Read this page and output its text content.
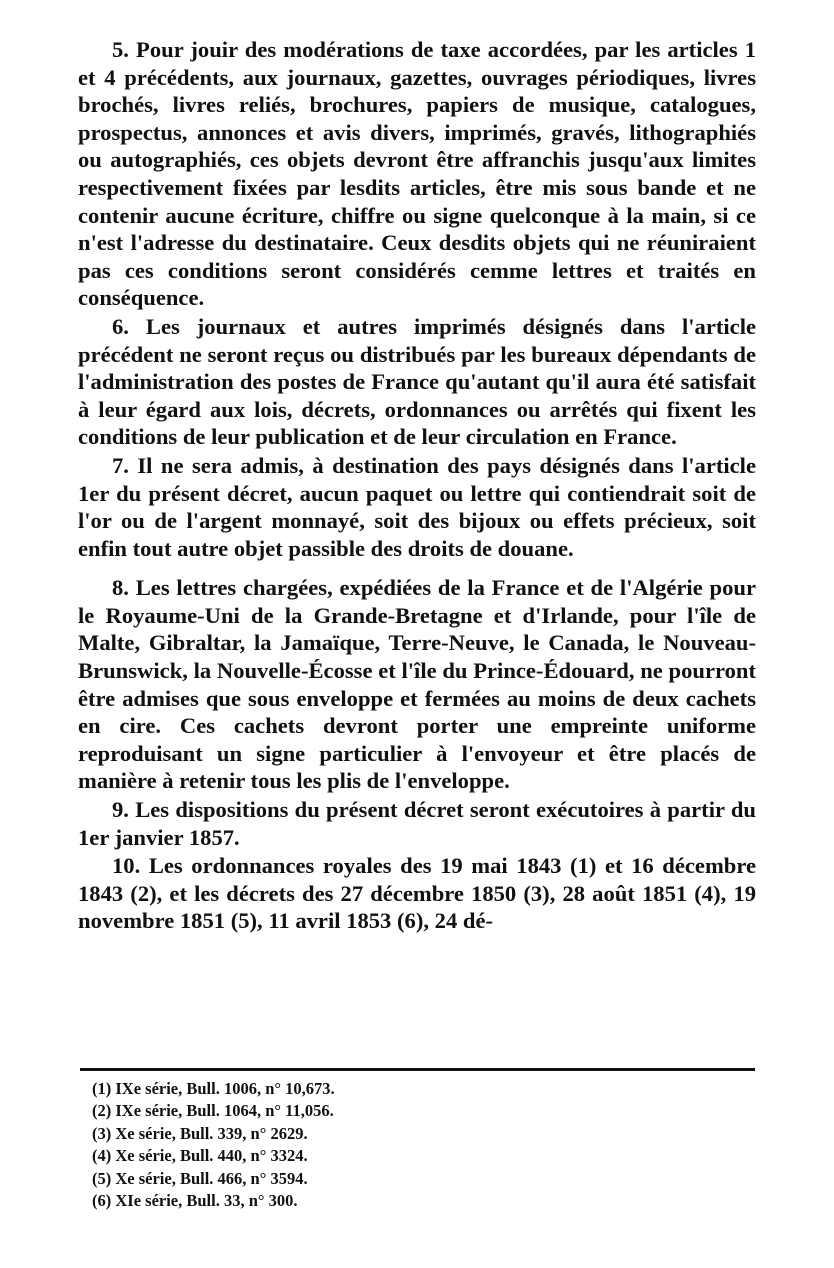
5. Pour jouir des modérations de taxe accordées, par les articles 1 et 4 précédents, aux journaux, gazettes, ouvrages périodiques, livres brochés, livres reliés, brochures, papiers de musique, catalogues, prospectus, annonces et avis divers, imprimés, gravés, lithographiés ou autographiés, ces objets devront être affranchis jusqu'aux limites respectivement fixées par lesdits articles, être mis sous bande et ne contenir aucune écriture, chiffre ou signe quelconque à la main, si ce n'est l'adresse du destinataire. Ceux desdits objets qui ne réuniraient pas ces conditions seront considérés cemme lettres et traités en conséquence.

6. Les journaux et autres imprimés désignés dans l'article précédent ne seront reçus ou distribués par les bureaux dépendants de l'administration des postes de France qu'autant qu'il aura été satisfait à leur égard aux lois, décrets, ordonnances ou arrêtés qui fixent les conditions de leur publication et de leur circulation en France.

7. Il ne sera admis, à destination des pays désignés dans l'article 1er du présent décret, aucun paquet ou lettre qui contiendrait soit de l'or ou de l'argent monnayé, soit des bijoux ou effets précieux, soit enfin tout autre objet passible des droits de douane.

8. Les lettres chargées, expédiées de la France et de l'Algérie pour le Royaume-Uni de la Grande-Bretagne et d'Irlande, pour l'île de Malte, Gibraltar, la Jamaïque, Terre-Neuve, le Canada, le Nouveau-Brunswick, la Nouvelle-Écosse et l'île du Prince-Édouard, ne pourront être admises que sous enveloppe et fermées au moins de deux cachets en cire. Ces cachets devront porter une empreinte uniforme reproduisant un signe particulier à l'envoyeur et être placés de manière à retenir tous les plis de l'enveloppe.

9. Les dispositions du présent décret seront exécutoires à partir du 1er janvier 1857.

10. Les ordonnances royales des 19 mai 1843 (1) et 16 décembre 1843 (2), et les décrets des 27 décembre 1850 (3), 28 août 1851 (4), 19 novembre 1851 (5), 11 avril 1853 (6), 24 dé-

(1) IXe série, Bull. 1006, n° 10,673.
(2) IXe série, Bull. 1064, n° 11,056.
(3) Xe série, Bull. 339, n° 2629.
(4) Xe série, Bull. 440, n° 3324.
(5) Xe série, Bull. 466, n° 3594.
(6) XIe série, Bull. 33, n° 300.
